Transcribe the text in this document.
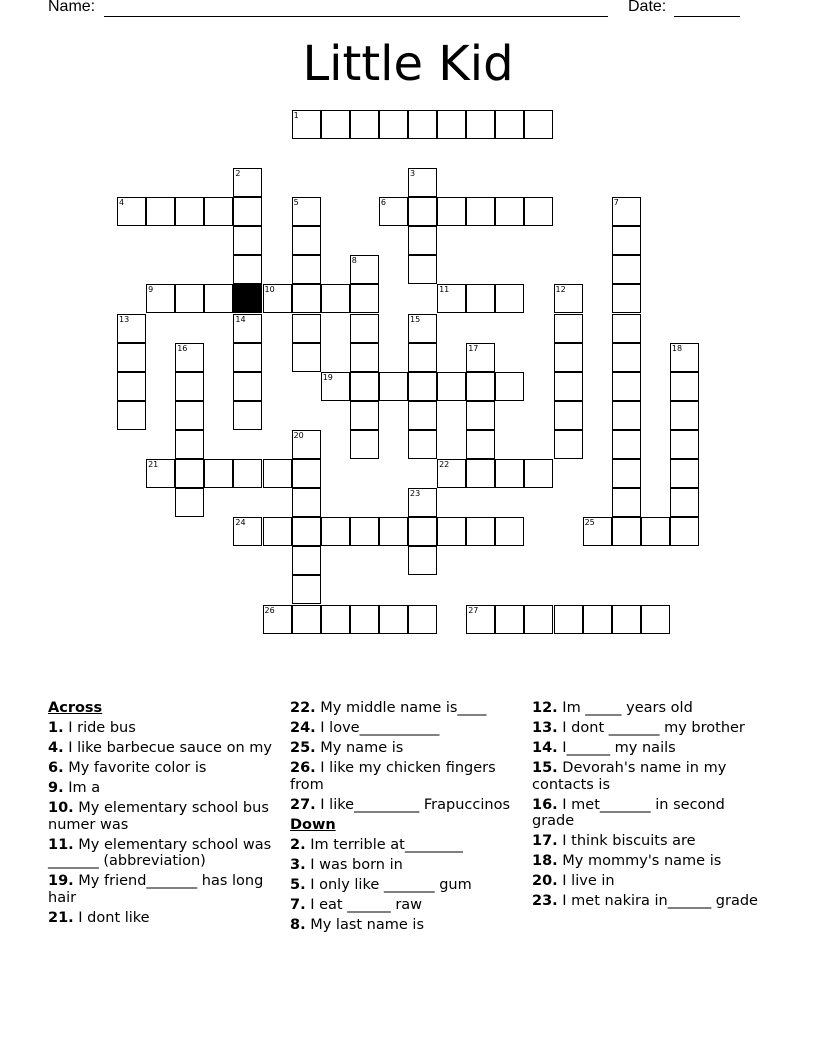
Name:	Date:
Little Kid
1
2	3
4	5	6	7
8
9	10	11	12
13	14	15
16	17	18
19
20
21	22
23
24	25
26	27
Across
1. I ride bus
4. I like barbecue sauce on my
6. My favorite color is
9. Im a
10. My elementary school bus numer was
11. My elementary school was _______ (abbreviation)
19. My friend_______ has long hair
21. I dont like
22. My middle name is____
24. I love___________
25. My name is
26. I like my chicken fingers from
27. I like_________ Frapuccinos
Down
2. Im terrible at________
3. I was born in
5. I only like _______ gum
7. I eat ______ raw
8. My last name is
12. Im _____ years old
13. I dont _______ my brother
14. I______ my nails
15. Devorah's name in my contacts is
16. I met_______ in second grade
17. I think biscuits are
18. My mommy's name is
20. I live in
23. I met nakira in______ grade
